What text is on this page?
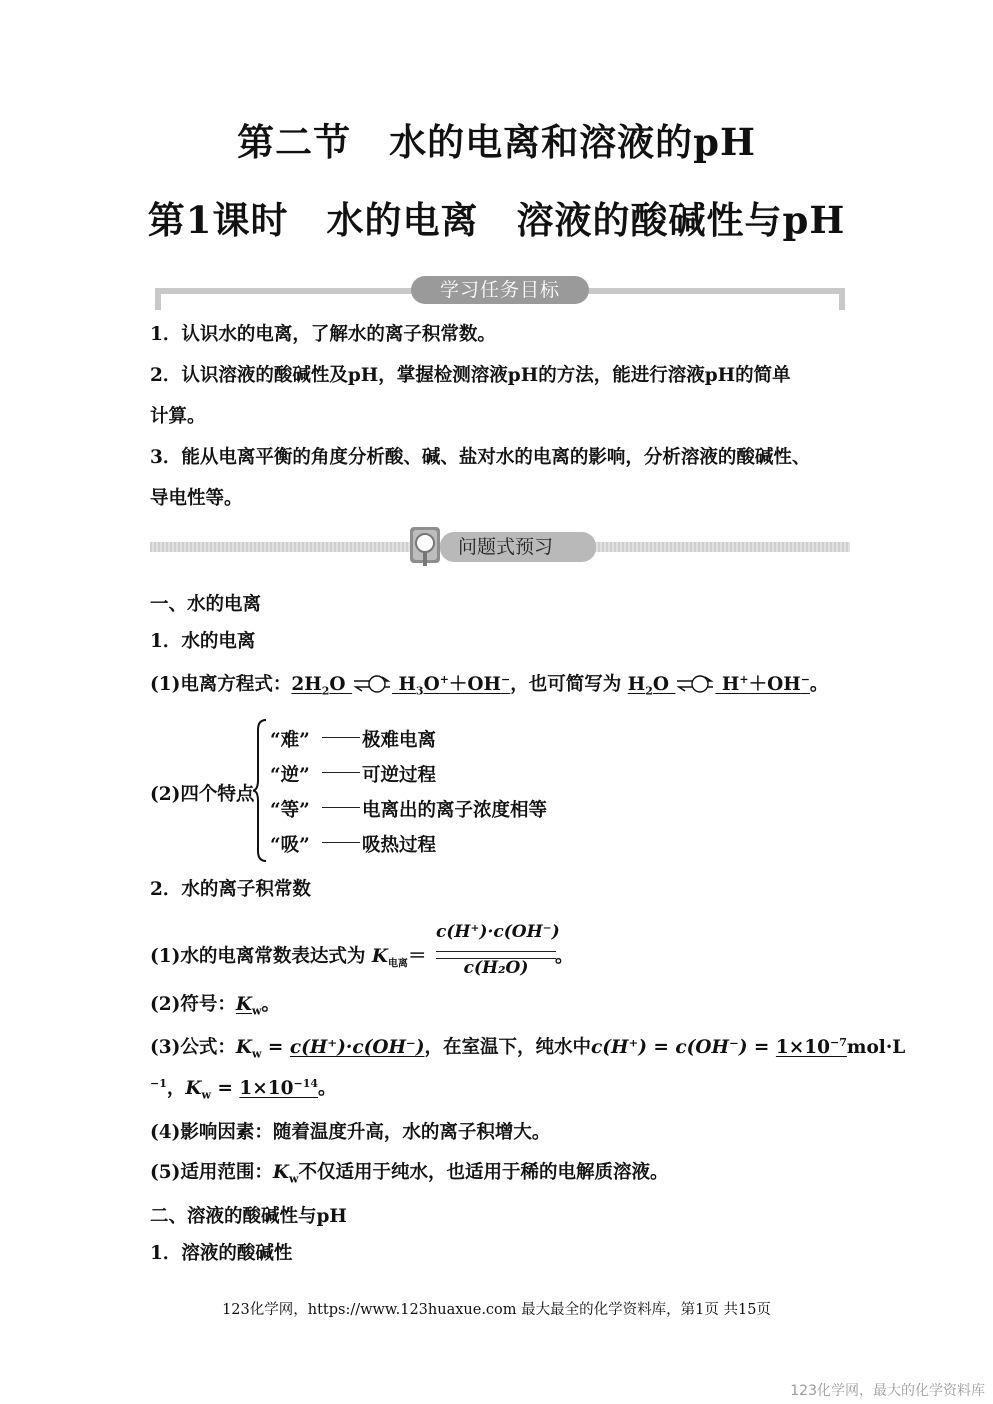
第二节　水的电离和溶液的pH
第1课时　水的电离　溶液的酸碱性与pH
学习任务目标
1．认识水的电离，了解水的离子积常数。
2．认识溶液的酸碱性及pH，掌握检测溶液pH的方法，能进行溶液pH的简单
计算。
3．能从电离平衡的角度分析酸、碱、盐对水的电离的影响，分析溶液的酸碱性、
导电性等。
问题式预习
一、水的电离
1．水的电离
(1)电离方程式：$2H_2O$ ⇌ $H_3O^++OH^-$，也可简写为 $H_2O$ ⇌ H+＋OH−。
(2)四个特点
“难”	极难电离
“逆”	可逆过程
“等”	电离出的离子浓度相等
“吸”	吸热过程
2．水的离子积常数
(1)水的电离常数表达式为 $K_{电离}=$
c(H⁺)·c(OH⁻)
c(H₂O)
。
(2)符号：$K_w$。
(3)公式：$K_w = c(H^+)\cdot c(OH^-)$，在室温下，纯水中$c(H^+) = c(OH^-) = 1\times 10^{-7}mol\cdot L$
$^{-1}$，$K_w = 1\times 10^{-14}$。
(4)影响因素：随着温度升高，水的离子积增大。
(5)适用范围：$K_w$不仅适用于纯水，也适用于稀的电解质溶液。
二、溶液的酸碱性与pH
1．溶液的酸碱性
123化学网，https://www.123huaxue.com 最大最全的化学资料库，第1页 共15页
123化学网，最大的化学资料库
